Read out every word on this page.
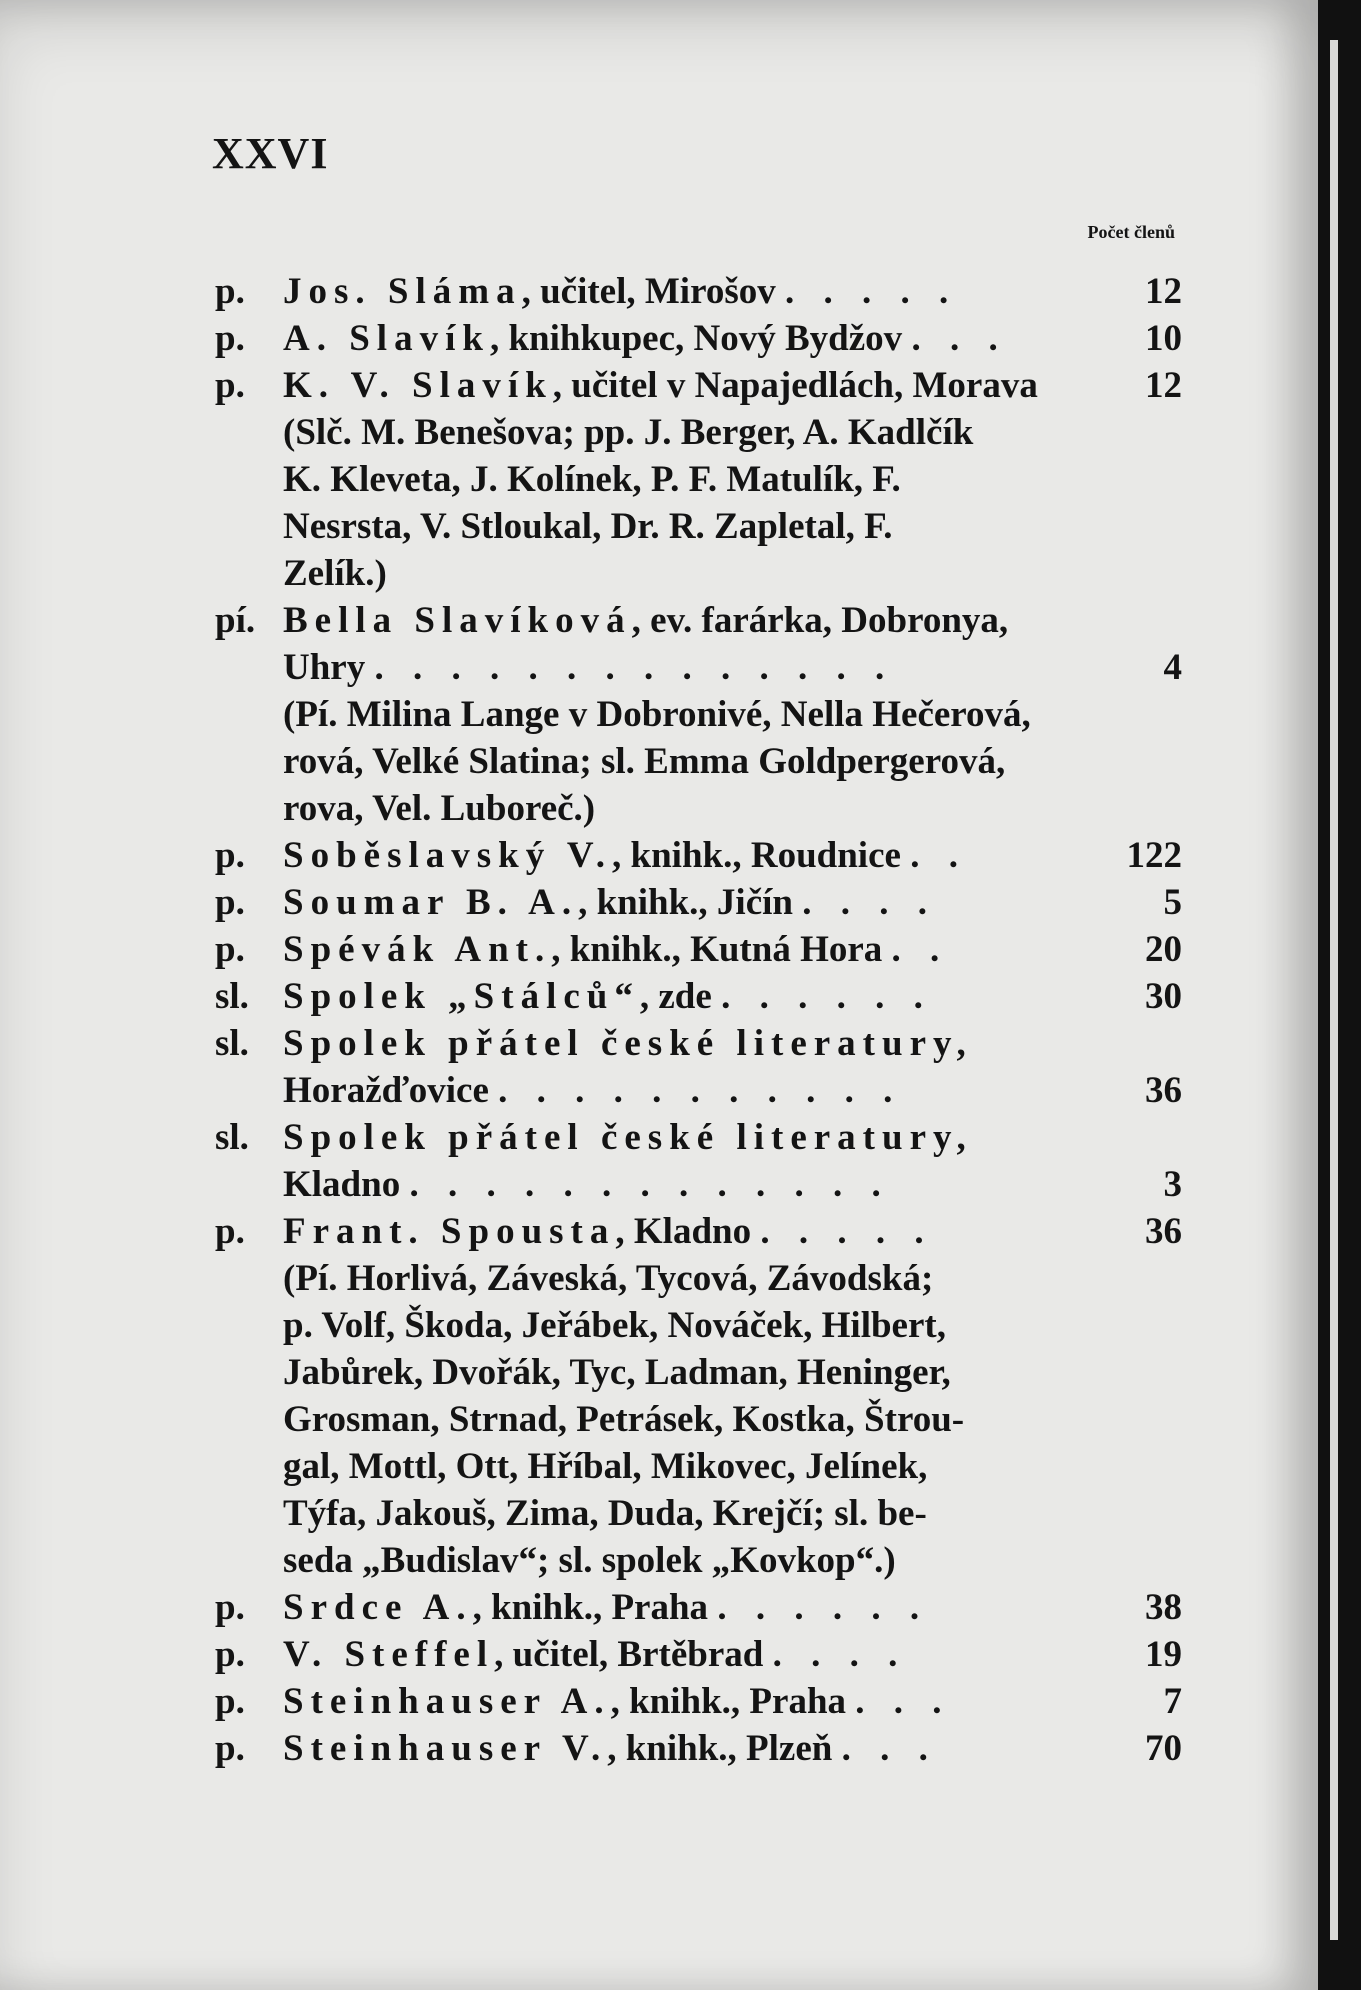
XXVI
Počet členů
p. Jos. Sláma, učitel, Mirošov . . . . .	12
p. A. Slavík, knihkupec, Nový Bydžov . . .	10
p. K. V. Slavík, učitel v Napajedlách, Morava	12
(Slč. M. Benešova; pp. J. Berger, A. Kadlčík
K. Kleveta, J. Kolínek, P. F. Matulík, F.
Nesrsta, V. Stloukal, Dr. R. Zapletal, F.
Zelík.)
pí. Bella Slavíková, ev. farárka, Dobronya,
Uhry . . . . . . . . . . . . . .	4
(Pí. Milina Lange v Dobronivé, Nella Hečerová,
rová, Velké Slatina; sl. Emma Goldpergerová,
rova, Vel. Luboreč.)
p. Soběslavský V., knihk., Roudnice . .	122
p. Soumar B. A., knihk., Jičín . . . .	5
p. Spévák Ant., knihk., Kutná Hora . .	20
sl. Spolek „Stálců“, zde . . . . . .	30
sl. Spolek přátel české literatury,
Horažďovice . . . . . . . . . . .	36
sl. Spolek přátel české literatury,
Kladno . . . . . . . . . . . . .	3
p. Frant. Spousta, Kladno . . . . .	36
(Pí. Horlivá, Záveská, Tycová, Závodská;
p. Volf, Škoda, Jeřábek, Nováček, Hilbert,
Jabůrek, Dvořák, Tyc, Ladman, Heninger,
Grosman, Strnad, Petrásek, Kostka, Štrou-
gal, Mottl, Ott, Hříbal, Mikovec, Jelínek,
Týfa, Jakouš, Zima, Duda, Krejčí; sl. be-
seda „Budislav“; sl. spolek „Kovkop“.)
p. Srdce A., knihk., Praha . . . . . .	38
p. V. Steffel, učitel, Brtěbrad . . . .	19
p. Steinhauser A., knihk., Praha . . .	7
p. Steinhauser V., knihk., Plzeň . . .	70
